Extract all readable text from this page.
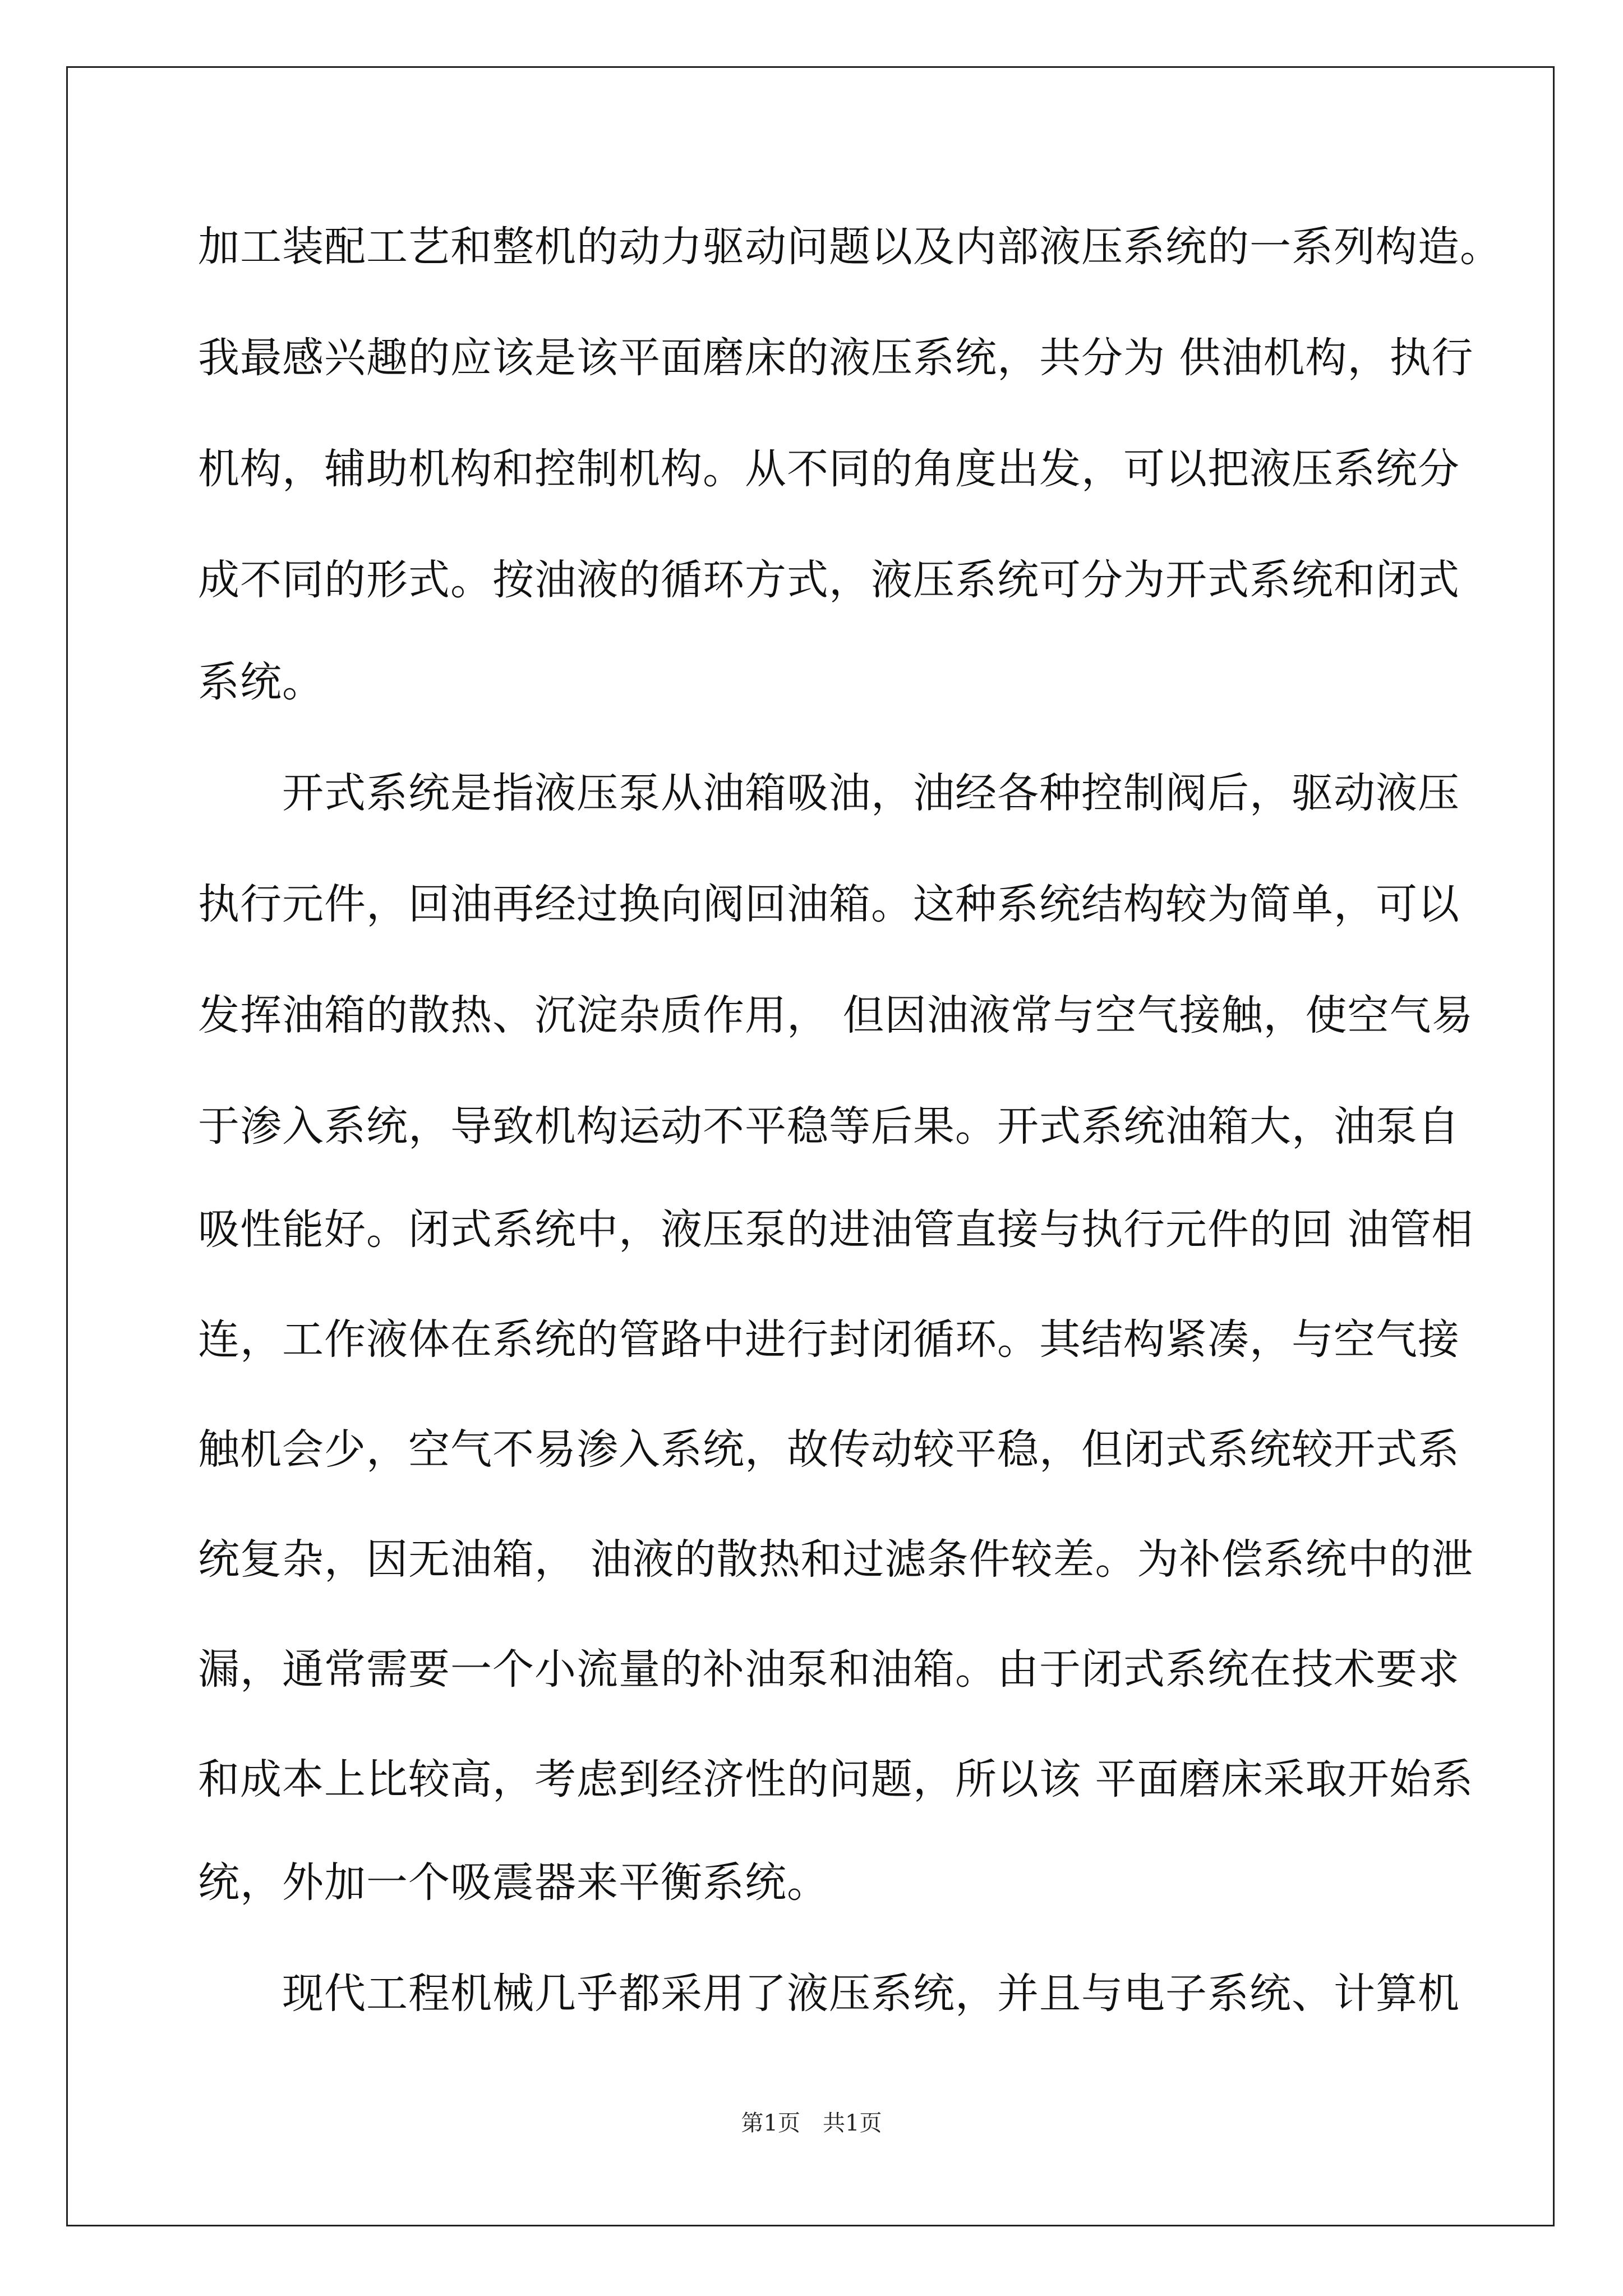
加工装配工艺和整机的动力驱动问题以及内部液压系统的一系列构造。
我最感兴趣的应该是该平面磨床的液压系统，共分为 供油机构，执行
机构，辅助机构和控制机构。从不同的角度出发，可以把液压系统分
成不同的形式。按油液的循环方式，液压系统可分为开式系统和闭式
系统。
　　开式系统是指液压泵从油箱吸油，油经各种控制阀后，驱动液压
执行元件，回油再经过换向阀回油箱。这种系统结构较为简单，可以
发挥油箱的散热、沉淀杂质作用， 但因油液常与空气接触，使空气易
于渗入系统，导致机构运动不平稳等后果。开式系统油箱大，油泵自
吸性能好。闭式系统中，液压泵的进油管直接与执行元件的回 油管相
连，工作液体在系统的管路中进行封闭循环。其结构紧凑，与空气接
触机会少，空气不易渗入系统，故传动较平稳，但闭式系统较开式系
统复杂，因无油箱， 油液的散热和过滤条件较差。为补偿系统中的泄
漏，通常需要一个小流量的补油泵和油箱。由于闭式系统在技术要求
和成本上比较高，考虑到经济性的问题，所以该 平面磨床采取开始系
统，外加一个吸震器来平衡系统。
　　现代工程机械几乎都采用了液压系统，并且与电子系统、计算机
第1页　共1页
